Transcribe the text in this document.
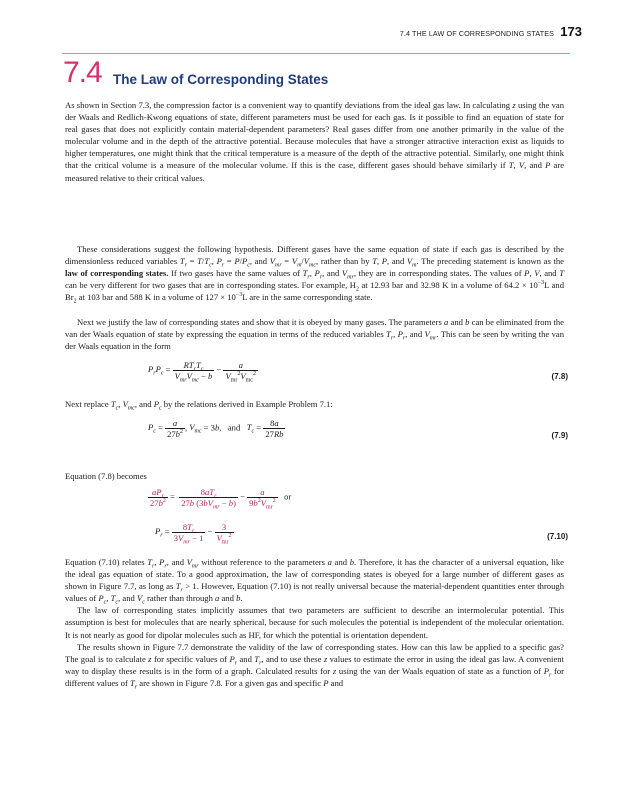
7.4 THE LAW OF CORRESPONDING STATES 173
7.4 The Law of Corresponding States

As shown in Section 7.3, the compression factor is a convenient way to quantify deviations from the ideal gas law. In calculating z using the van der Waals and Redlich-Kwong equations of state, different parameters must be used for each gas. Is it possible to find an equation of state for real gases that does not explicitly contain material-dependent parameters? Real gases differ from one another primarily in the value of the molecular volume and in the depth of the attractive potential. Because molecules that have a stronger attractive interaction exist as liquids to higher temperatures, one might think that the critical temperature is a measure of the depth of the attractive potential. Similarly, one might think that the critical volume is a measure of the molecular volume. If this is the case, different gases should behave similarly if T, V, and P are measured relative to their critical values.

These considerations suggest the following hypothesis. Different gases have the same equation of state if each gas is described by the dimensionless reduced variables $T_r = T/T_c$, $P_r = P/P_c$, and $V_{mr} = V_m/V_{mc}$, rather than by T, P, and $V_m$. The preceding statement is known as the law of corresponding states. If two gases have the same values of $T_r$, $P_r$, and $V_{mr}$, they are in corresponding states. The values of P, V, and T can be very different for two gases that are in corresponding states. For example, $H_2$ at 12.93 bar and 32.98 K in a volume of $64.2 \times 10^{-3}L$ and $Br_2$ at 103 bar and 588 K in a volume of $127 \times 10^{-3}L$ are in the same corresponding state.

Next we justify the law of corresponding states and show that it is obeyed by many gases. The parameters a and b can be eliminated from the van der Waals equation of state by expressing the equation in terms of the reduced variables $T_r$, $P_r$, and $V_{mr}$. This can be seen by writing the van der Waals equation in the form

$P_rP_c = \frac{RT_rT_c}{V_{mr}V_{mc} - b} - \frac{a}{V_{mr}^2V_{mc}^2}$	(7.8)

Next replace $T_c$, $V_{mc}$, and $P_c$ by the relations derived in Example Problem 7.1:

$P_c = \frac{a}{27b^2}$ , $V_{mc} = 3b$,   and $T_c = \frac{8a}{27Rb}$	(7.9)

Equation (7.8) becomes

$\frac{aP_r}{27b^2} = \frac{8aT_r}{27b (3bV_{mr} - b)} - \frac{a}{9b^2V_{mr}^2}$ or
$P_r = \frac{8T_r}{3V_{mr} - 1} - \frac{3}{V_{mr}^2}$	(7.10)

Equation (7.10) relates $T_r$, $P_r$, and $V_{mr}$ without reference to the parameters a and b. Therefore, it has the character of a universal equation, like the ideal gas equation of state. To a good approximation, the law of corresponding states is obeyed for a large number of different gases as shown in Figure 7.7, as long as $T_r > 1$. However, Equation (7.10) is not really universal because the material-dependent quantities enter through values of $P_c$, $T_c$, and $V_c$ rather than through a and b.

The law of corresponding states implicitly assumes that two parameters are sufficient to describe an intermolecular potential. This assumption is best for molecules that are nearly spherical, because for such molecules the potential is independent of the molecular orientation. It is not nearly as good for dipolar molecules such as HF, for which the potential is orientation dependent.

The results shown in Figure 7.7 demonstrate the validity of the law of corresponding states. How can this law be applied to a specific gas? The goal is to calculate z for specific values of $P_r$ and $T_r$, and to use these z values to estimate the error in using the ideal gas law. A convenient way to display these results is in the form of a graph. Calculated results for z using the van der Waals equation of state as a function of $P_r$ for different values of $T_r$ are shown in Figure 7.8. For a given gas and specific P and
